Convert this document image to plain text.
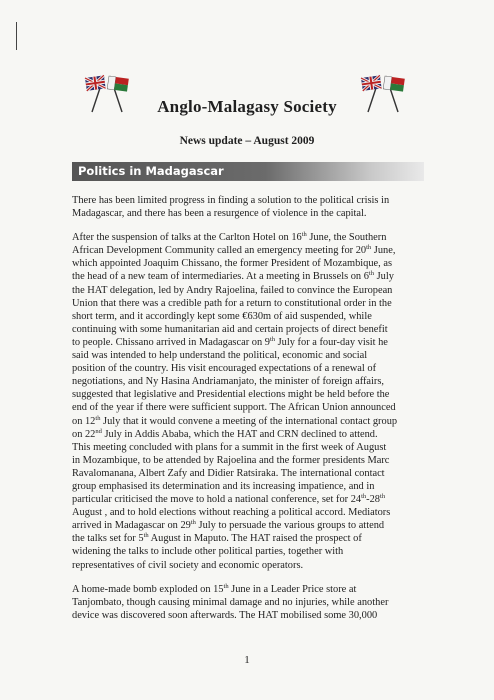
Anglo-Malagasy Society
News update – August 2009
Politics in Madagascar

There has been limited progress in finding a solution to the political crisis in
Madagascar, and there has been a resurgence of violence in the capital.

After the suspension of talks at the Carlton Hotel on 16th June, the Southern
African Development Community called an emergency meeting for 20th June,
which appointed Joaquim Chissano, the former President of Mozambique, as
the head of a new team of intermediaries. At a meeting in Brussels on 6th July
the HAT delegation, led by Andry Rajoelina, failed to convince the European
Union that there was a credible path for a return to constitutional order in the
short term, and it accordingly kept some €630m of aid suspended, while
continuing with some humanitarian aid and certain projects of direct benefit
to people. Chissano arrived in Madagascar on 9th July for a four-day visit he
said was intended to help understand the political, economic and social
position of the country. His visit encouraged expectations of a renewal of
negotiations, and Ny Hasina Andriamanjato, the minister of foreign affairs,
suggested that legislative and Presidential elections might be held before the
end of the year if there were sufficient support. The African Union announced
on 12th July that it would convene a meeting of the international contact group
on 22nd July in Addis Ababa, which the HAT and CRN declined to attend.
This meeting concluded with plans for a summit in the first week of August
in Mozambique, to be attended by Rajoelina and the former presidents Marc
Ravalomanana, Albert Zafy and Didier Ratsiraka. The international contact
group emphasised its determination and its increasing impatience, and in
particular criticised the move to hold a national conference, set for 24th-28th
August , and to hold elections without reaching a political accord. Mediators
arrived in Madagascar on 29th July to persuade the various groups to attend
the talks set for 5th August in Maputo. The HAT raised the prospect of
widening the talks to include other political parties, together with
representatives of civil society and economic operators.

A home-made bomb exploded on 15th June in a Leader Price store at
Tanjombato, though causing minimal damage and no injuries, while another
device was discovered soon afterwards. The HAT mobilised some 30,000

1
